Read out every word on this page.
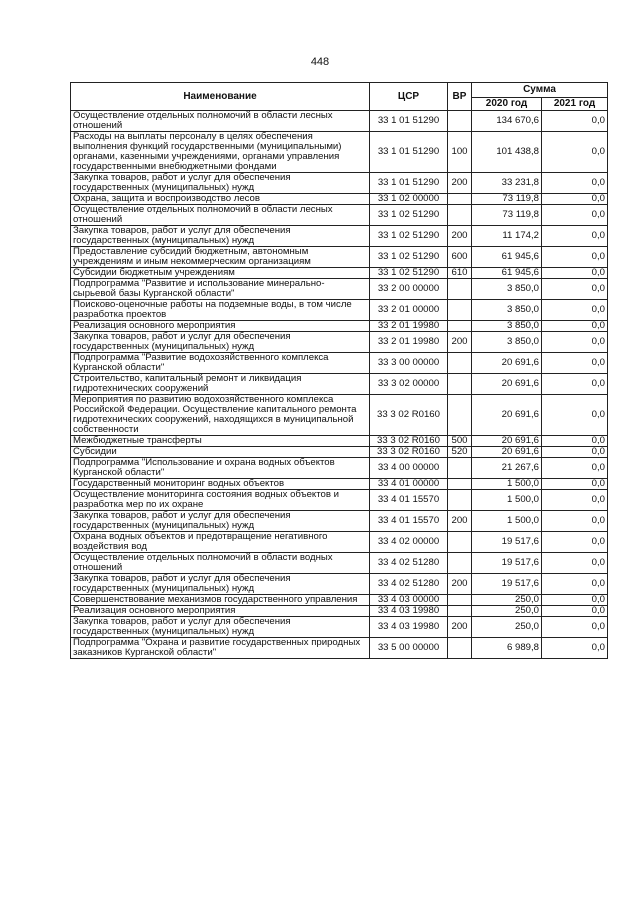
448
Наименование	ЦСР	ВР	Сумма	
			2020 год	2021 год
Осуществление отдельных полномочий в области лесных отношений	33 1 01 51290		134 670,6	0,0
Расходы на выплаты персоналу в целях обеспечения выполнения функций государственными (муниципальными) органами, казенными учреждениями, органами управления государственными внебюджетными фондами	33 1 01 51290	100	101 438,8	0,0
Закупка товаров, работ и услуг для обеспечения государственных (муниципальных) нужд	33 1 01 51290	200	33 231,8	0,0
Охрана, защита и воспроизводство лесов	33 1 02 00000		73 119,8	0,0
Осуществление отдельных полномочий в области лесных отношений	33 1 02 51290		73 119,8	0,0
Закупка товаров, работ и услуг для обеспечения государственных (муниципальных) нужд	33 1 02 51290	200	11 174,2	0,0
Предоставление субсидий бюджетным, автономным учреждениям и иным некоммерческим организациям	33 1 02 51290	600	61 945,6	0,0
Субсидии бюджетным учреждениям	33 1 02 51290	610	61 945,6	0,0
Подпрограмма "Развитие и использование минерально-сырьевой базы Курганской области"	33 2 00 00000		3 850,0	0,0
Поисково-оценочные работы на подземные воды, в том числе разработка проектов	33 2 01 00000		3 850,0	0,0
Реализация основного мероприятия	33 2 01 19980		3 850,0	0,0
Закупка товаров, работ и услуг для обеспечения государственных (муниципальных) нужд	33 2 01 19980	200	3 850,0	0,0
Подпрограмма "Развитие водохозяйственного комплекса Курганской области"	33 3 00 00000		20 691,6	0,0
Строительство, капитальный ремонт и ликвидация гидротехнических сооружений	33 3 02 00000		20 691,6	0,0
Мероприятия по развитию водохозяйственного комплекса Российской Федерации. Осуществление капитального ремонта гидротехнических сооружений, находящихся в муниципальной собственности	33 3 02 R0160		20 691,6	0,0
Межбюджетные трансферты	33 3 02 R0160	500	20 691,6	0,0
Субсидии	33 3 02 R0160	520	20 691,6	0,0
Подпрограмма "Использование и охрана водных объектов Курганской области"	33 4 00 00000		21 267,6	0,0
Государственный мониторинг водных объектов	33 4 01 00000		1 500,0	0,0
Осуществление мониторинга состояния водных объектов и разработка мер по их охране	33 4 01 15570		1 500,0	0,0
Закупка товаров, работ и услуг для обеспечения государственных (муниципальных) нужд	33 4 01 15570	200	1 500,0	0,0
Охрана водных объектов и предотвращение негативного воздействия вод	33 4 02 00000		19 517,6	0,0
Осуществление отдельных полномочий в области водных отношений	33 4 02 51280		19 517,6	0,0
Закупка товаров, работ и услуг для обеспечения государственных (муниципальных) нужд	33 4 02 51280	200	19 517,6	0,0
Совершенствование механизмов государственного управления	33 4 03 00000		250,0	0,0
Реализация основного мероприятия	33 4 03 19980		250,0	0,0
Закупка товаров, работ и услуг для обеспечения государственных (муниципальных) нужд	33 4 03 19980	200	250,0	0,0
Подпрограмма "Охрана и развитие государственных природных заказников Курганской области"	33 5 00 00000		6 989,8	0,0
